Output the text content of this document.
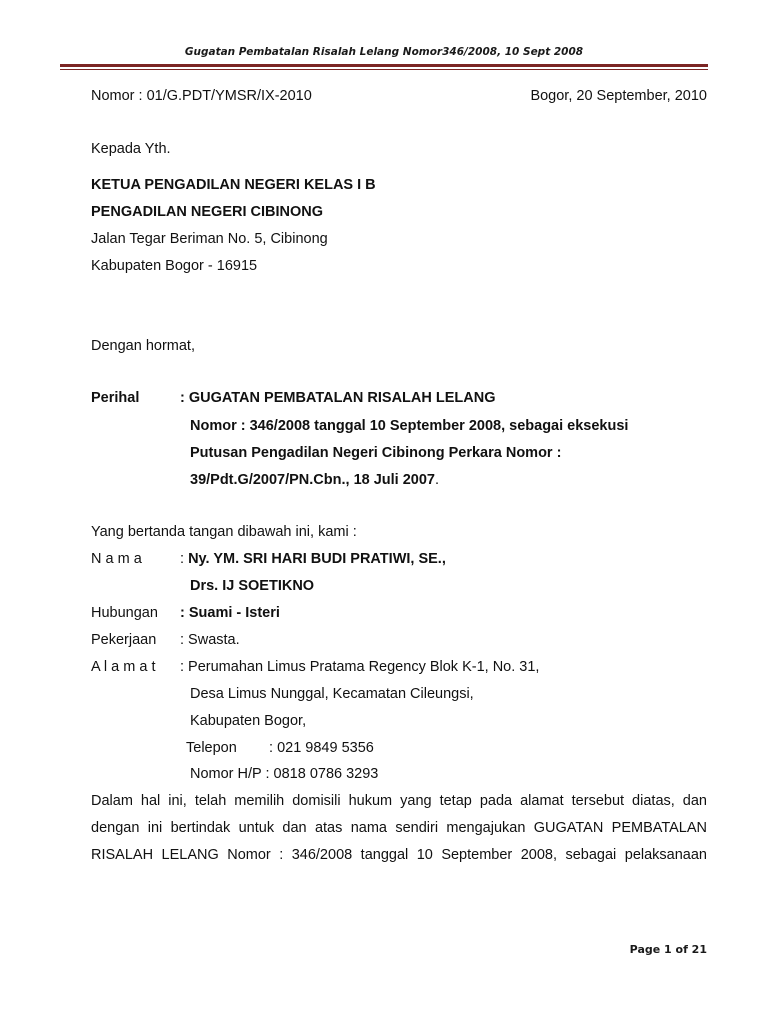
Gugatan Pembatalan Risalah Lelang Nomor346/2008, 10 Sept 2008
Nomor : 01/G.PDT/YMSR/IX-2010	Bogor, 20 September, 2010
Kepada Yth.
KETUA PENGADILAN NEGERI KELAS I B
PENGADILAN NEGERI CIBINONG
Jalan Tegar Beriman No. 5, Cibinong
Kabupaten Bogor - 16915
Dengan hormat,
Perihal	: GUGATAN PEMBATALAN RISALAH LELANG
Nomor : 346/2008 tanggal 10 September 2008, sebagai eksekusi
Putusan Pengadilan Negeri Cibinong Perkara Nomor :
39/Pdt.G/2007/PN.Cbn., 18 Juli 2007.
Yang bertanda tangan dibawah ini, kami :
N a m a	: Ny. YM. SRI HARI BUDI PRATIWI, SE.,
Drs. IJ SOETIKNO
Hubungan : Suami - Isteri
Pekerjaan : Swasta.
A l a m a t : Perumahan Limus Pratama Regency Blok K-1, No. 31,
Desa Limus Nunggal, Kecamatan Cileungsi,
Kabupaten Bogor,
Telepon        : 021 9849 5356
Nomor H/P : 0818 0786 3293
Dalam hal ini, telah memilih domisili hukum yang tetap pada alamat tersebut diatas, dan
dengan ini bertindak untuk dan atas nama sendiri mengajukan GUGATAN PEMBATALAN
RISALAH LELANG Nomor : 346/2008 tanggal 10 September 2008, sebagai pelaksanaan
Page 1 of 21
